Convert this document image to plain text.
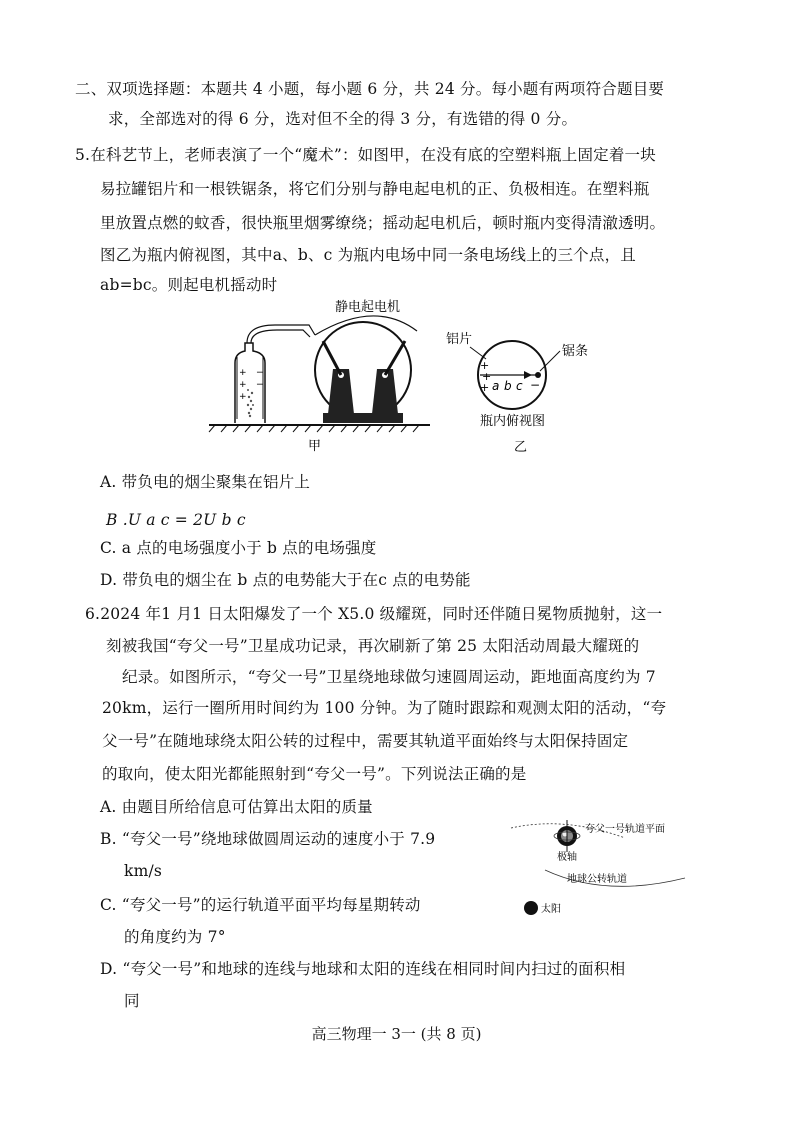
二、双项选择题：本题共 4 小题，每小题 6 分，共 24 分。每小题有两项符合题目要
求，全部选对的得 6 分，选对但不全的得 3 分，有选错的得 0 分。
5.在科艺节上，老师表演了一个“魔术”：如图甲，在没有底的空塑料瓶上固定着一块
易拉罐铝片和一根铁锯条，将它们分别与静电起电机的正、负极相连。在塑料瓶
里放置点燃的蚊香，很快瓶里烟雾缭绕；摇动起电机后，顿时瓶内变得清澈透明。
图乙为瓶内俯视图，其中a、b、c 为瓶内电场中同一条电场线上的三个点，且
ab=bc。则起电机摇动时
静电起电机
+
+
+
−
−
甲
铝片
锯条
+
+
+	−
a b c
瓶内俯视图
乙
A. 带负电的烟尘聚集在铝片上
B .U a c = 2U b c
C. a 点的电场强度小于 b 点的电场强度
D. 带负电的烟尘在 b 点的电势能大于在c 点的电势能
6.2024 年1 月1 日太阳爆发了一个 X5.0 级耀斑，同时还伴随日冕物质抛射，这一
刻被我国“夸父一号”卫星成功记录，再次刷新了第 25 太阳活动周最大耀斑的
纪录。如图所示，“夸父一号”卫星绕地球做匀速圆周运动，距地面高度约为 7
20km，运行一圈所用时间约为 100 分钟。为了随时跟踪和观测太阳的活动，“夸
父一号”在随地球绕太阳公转的过程中，需要其轨道平面始终与太阳保持固定
的取向，使太阳光都能照射到“夸父一号”。下列说法正确的是
A. 由题目所给信息可估算出太阳的质量
B. “夸父一号”绕地球做圆周运动的速度小于 7.9
km/s
C. “夸父一号”的运行轨道平面平均每星期转动
的角度约为 7°
D. “夸父一号”和地球的连线与地球和太阳的连线在相同时间内扫过的面积相
同
夸父一号轨道平面
极轴
地球公转轨道
太阳
高三物理一 3一 (共 8 页)
